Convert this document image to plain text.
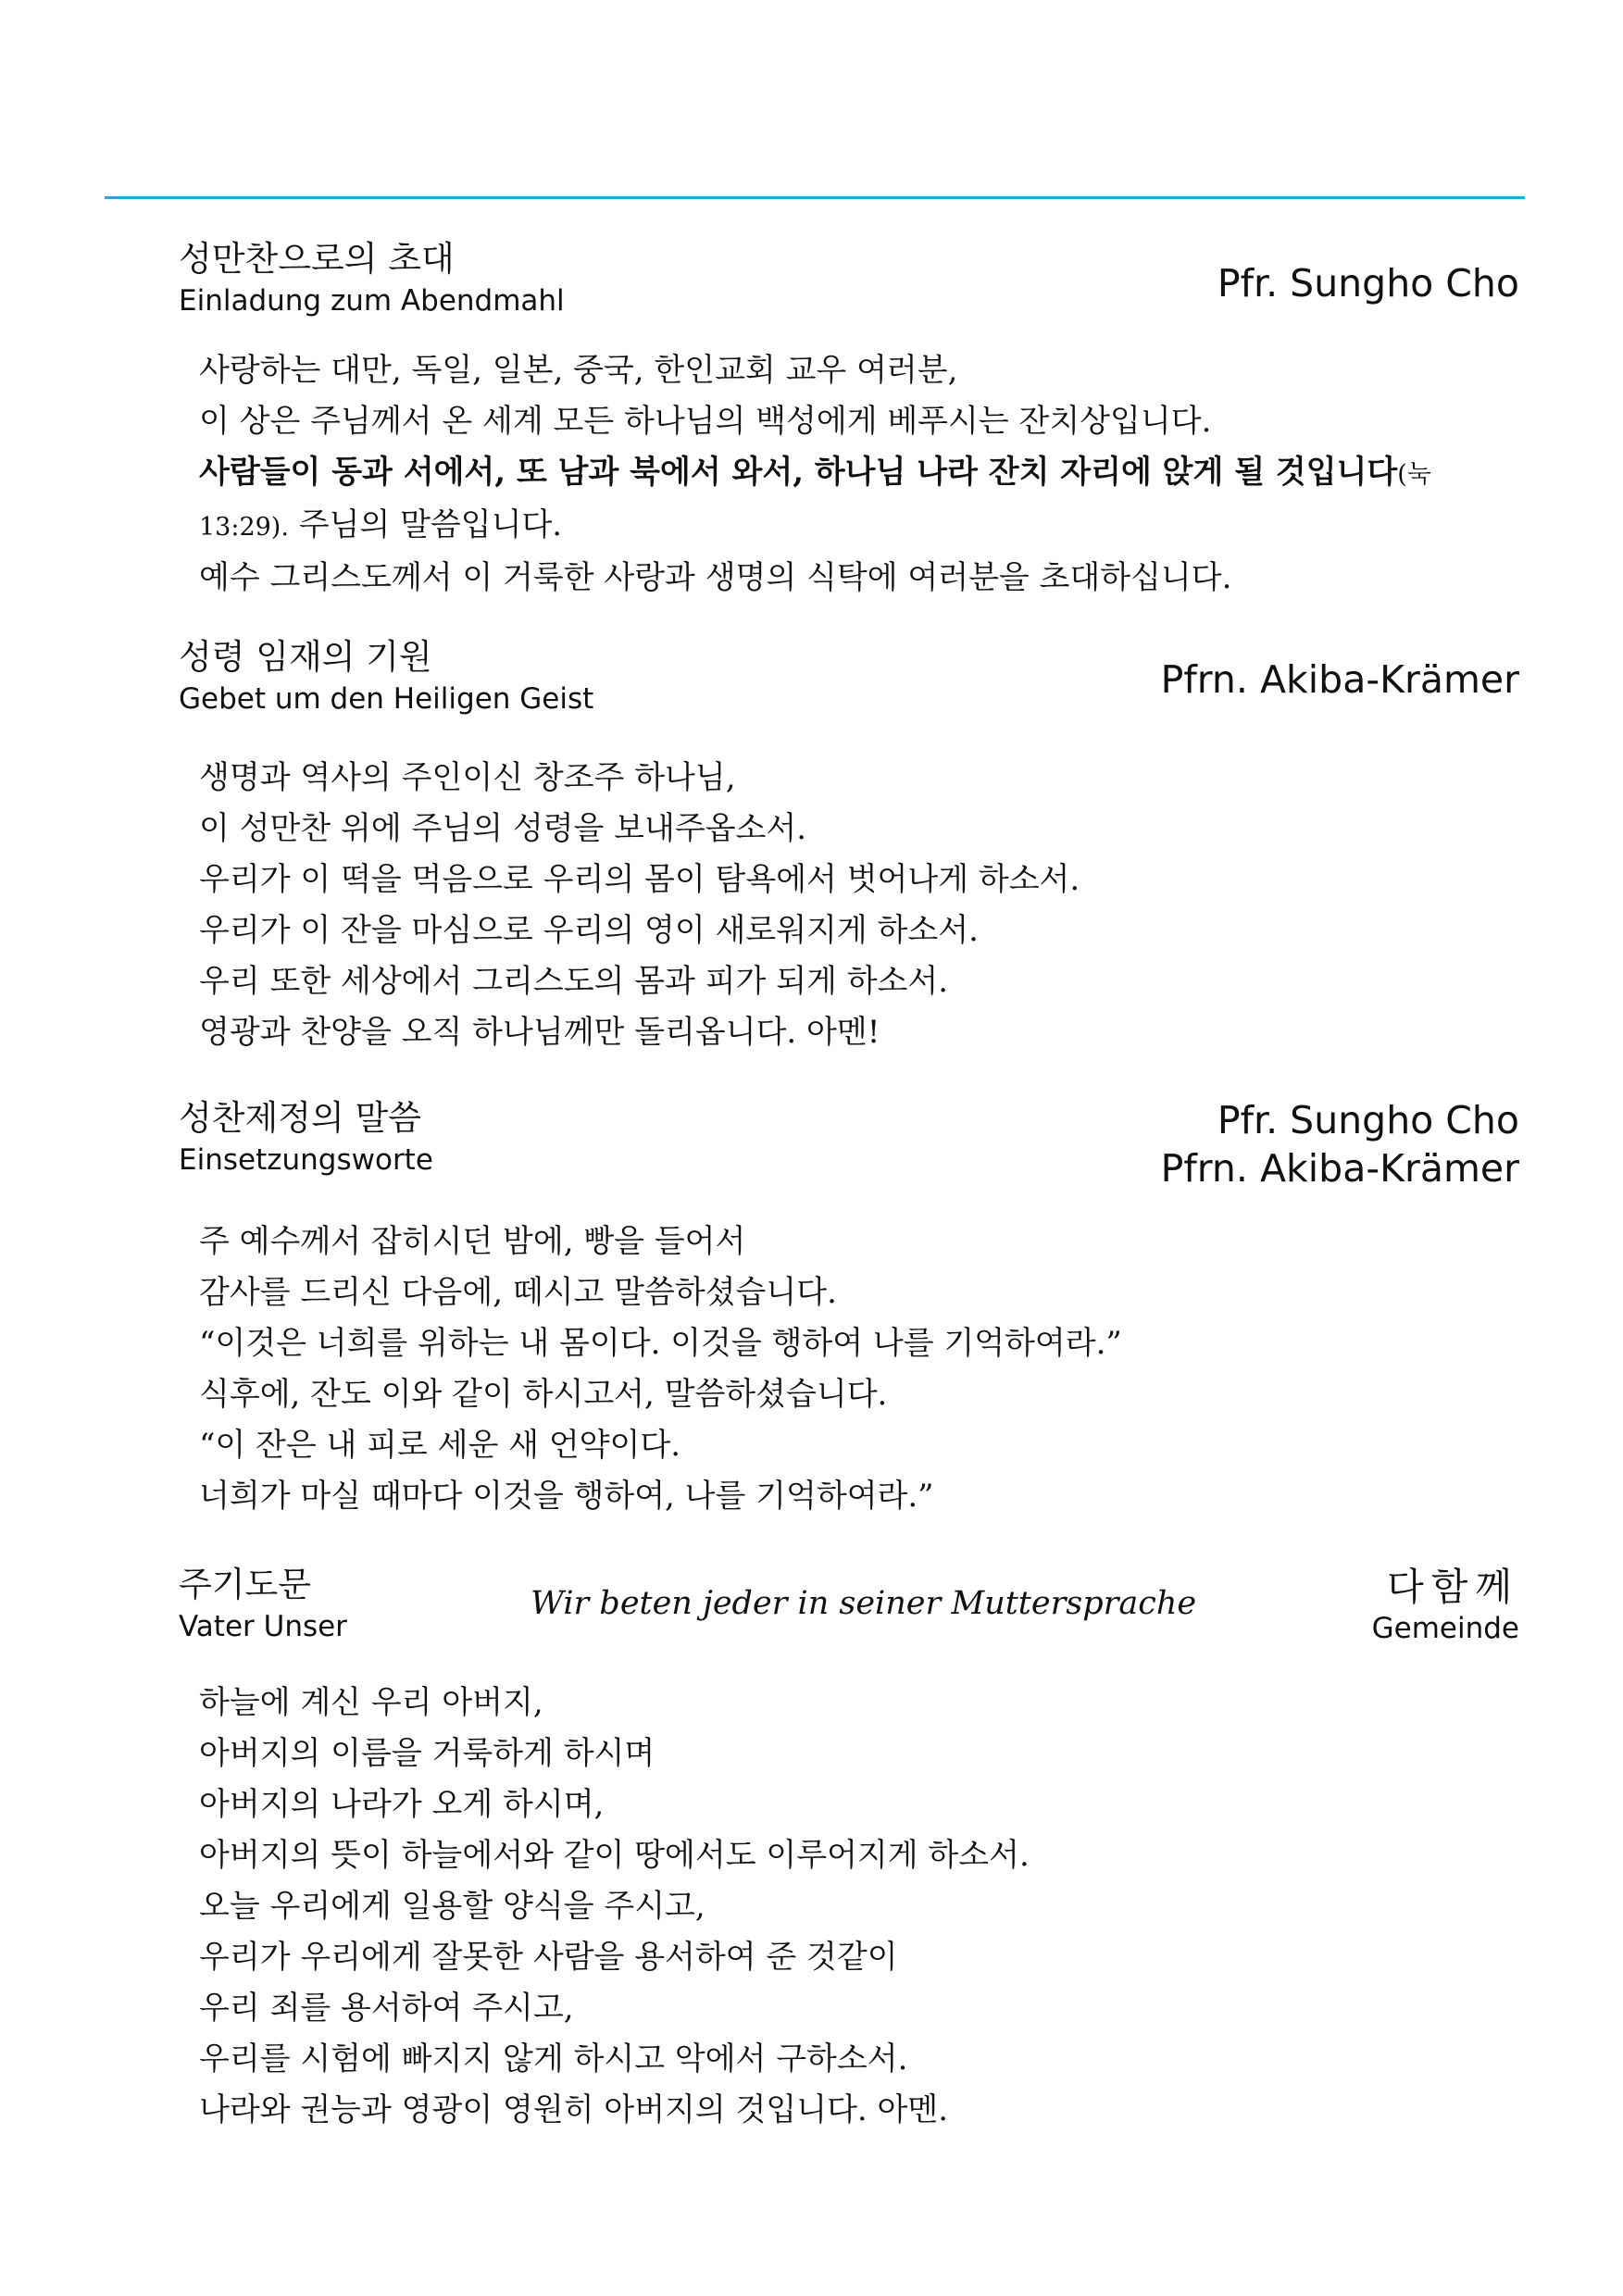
성만찬으로의 초대
Einladung zum Abendmahl	Pfr. Sungho Cho
사랑하는 대만, 독일, 일본, 중국, 한인교회 교우 여러분,
이 상은 주님께서 온 세계 모든 하나님의 백성에게 베푸시는 잔치상입니다.
사람들이 동과 서에서, 또 남과 북에서 와서, 하나님 나라 잔치 자리에 앉게 될 것입니다(눅 13:29). 주님의 말씀입니다.
예수 그리스도께서 이 거룩한 사랑과 생명의 식탁에 여러분을 초대하십니다.
성령 임재의 기원
Gebet um den Heiligen Geist	Pfrn. Akiba-Krämer
생명과 역사의 주인이신 창조주 하나님,
이 성만찬 위에 주님의 성령을 보내주옵소서.
우리가 이 떡을 먹음으로 우리의 몸이 탐욕에서 벗어나게 하소서.
우리가 이 잔을 마심으로 우리의 영이 새로워지게 하소서.
우리 또한 세상에서 그리스도의 몸과 피가 되게 하소서.
영광과 찬양을 오직 하나님께만 돌리옵니다. 아멘!
성찬제정의 말씀
Einsetzungsworte
Pfr. Sungho Cho
Pfrn. Akiba-Krämer
주 예수께서 잡히시던 밤에, 빵을 들어서
감사를 드리신 다음에, 떼시고 말씀하셨습니다.
“이것은 너희를 위하는 내 몸이다. 이것을 행하여 나를 기억하여라.”
식후에, 잔도 이와 같이 하시고서, 말씀하셨습니다.
“이 잔은 내 피로 세운 새 언약이다.
너희가 마실 때마다 이것을 행하여, 나를 기억하여라.”
주기도문
Vater Unser
Wir beten jeder in seiner Muttersprache	다함께
Gemeinde
하늘에 계신 우리 아버지,
아버지의 이름을 거룩하게 하시며
아버지의 나라가 오게 하시며,
아버지의 뜻이 하늘에서와 같이 땅에서도 이루어지게 하소서.
오늘 우리에게 일용할 양식을 주시고,
우리가 우리에게 잘못한 사람을 용서하여 준 것같이
우리 죄를 용서하여 주시고,
우리를 시험에 빠지지 않게 하시고 악에서 구하소서.
나라와 권능과 영광이 영원히 아버지의 것입니다. 아멘.
